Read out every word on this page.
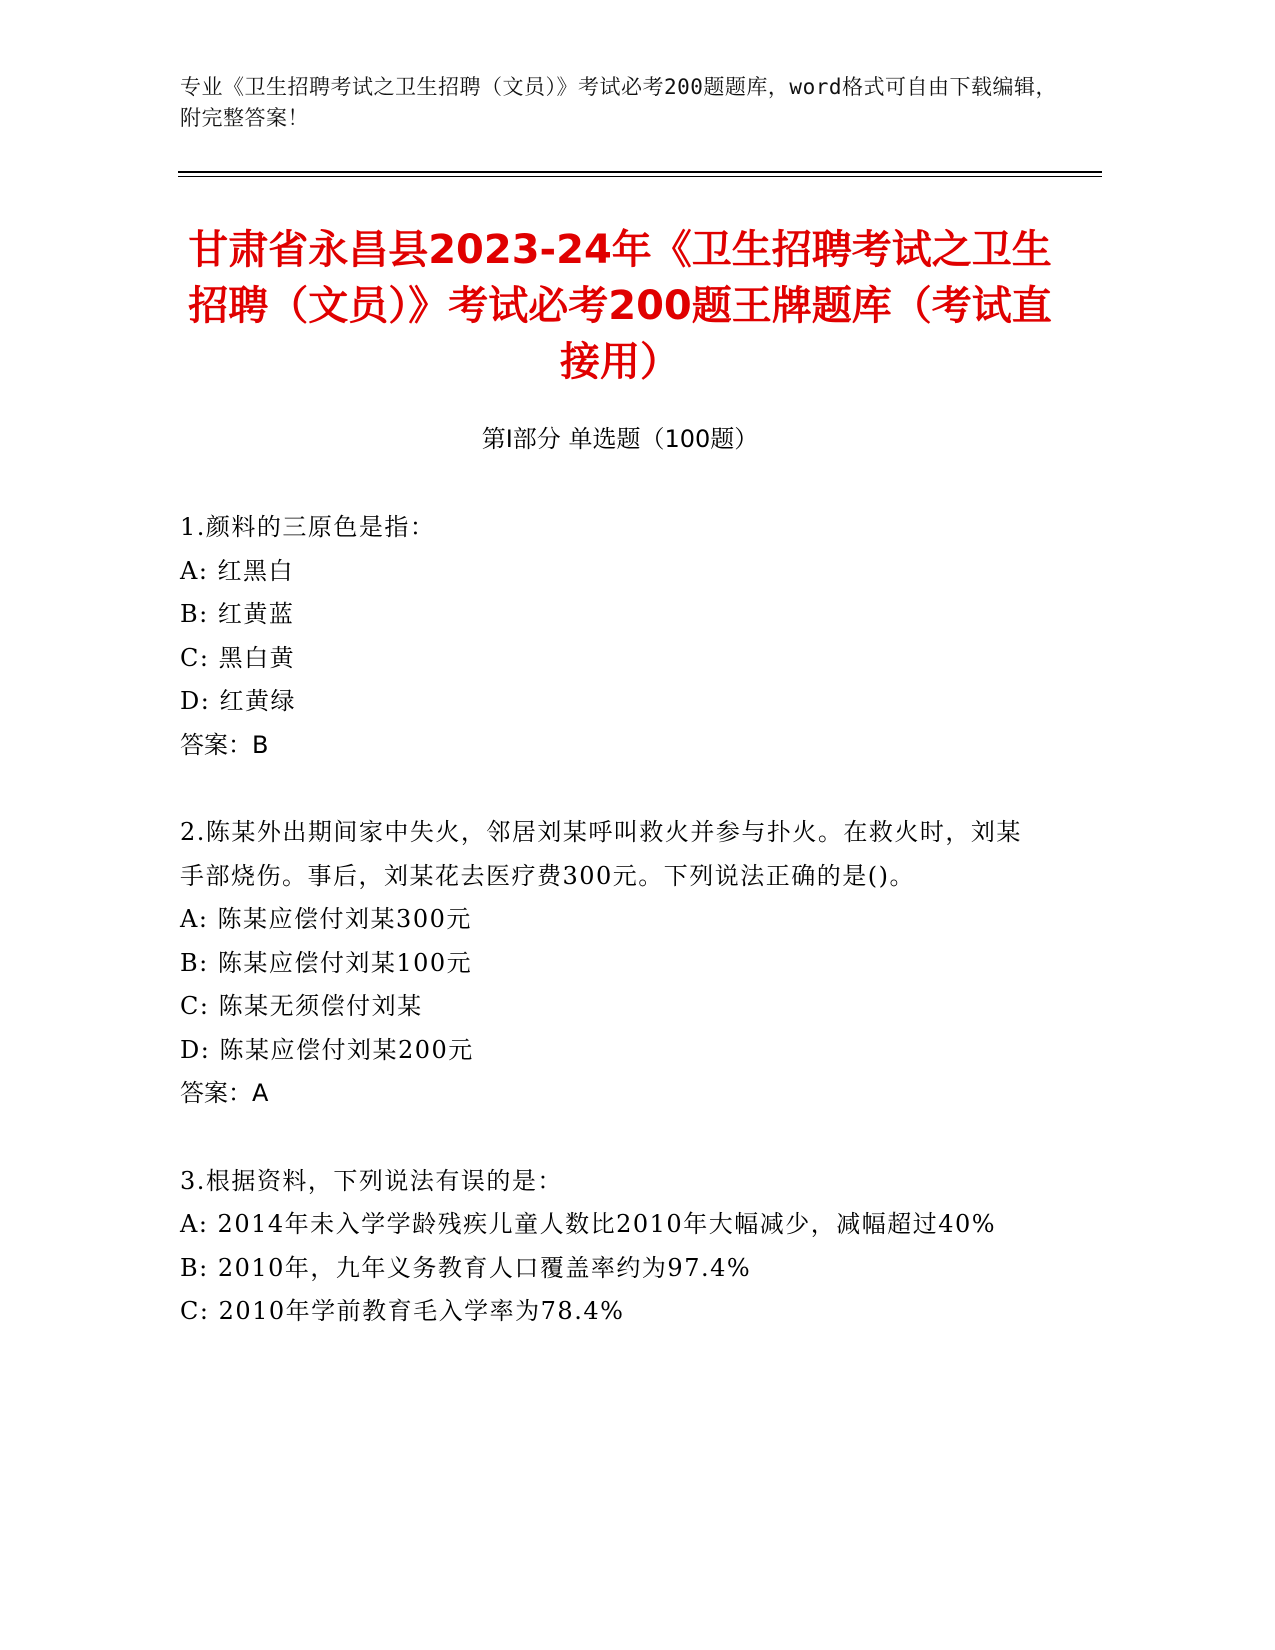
专业《卫生招聘考试之卫生招聘（文员）》考试必考200题题库，word格式可自由下载编辑，附完整答案！
甘肃省永昌县2023-24年《卫生招聘考试之卫生招聘（文员）》考试必考200题王牌题库（考试直接用）
第I部分 单选题（100题）

1.颜料的三原色是指：

A: 红黑白

B: 红黄蓝

C: 黑白黄

D: 红黄绿

答案：B

2.陈某外出期间家中失火，邻居刘某呼叫救火并参与扑火。在救火时，刘某手部烧伤。事后，刘某花去医疗费300元。下列说法正确的是()。

A: 陈某应偿付刘某300元

B: 陈某应偿付刘某100元

C: 陈某无须偿付刘某

D: 陈某应偿付刘某200元

答案：A

3.根据资料，下列说法有误的是：

A: 2014年未入学学龄残疾儿童人数比2010年大幅减少，减幅超过40%

B: 2010年，九年义务教育人口覆盖率约为97.4%

C: 2010年学前教育毛入学率为78.4%
